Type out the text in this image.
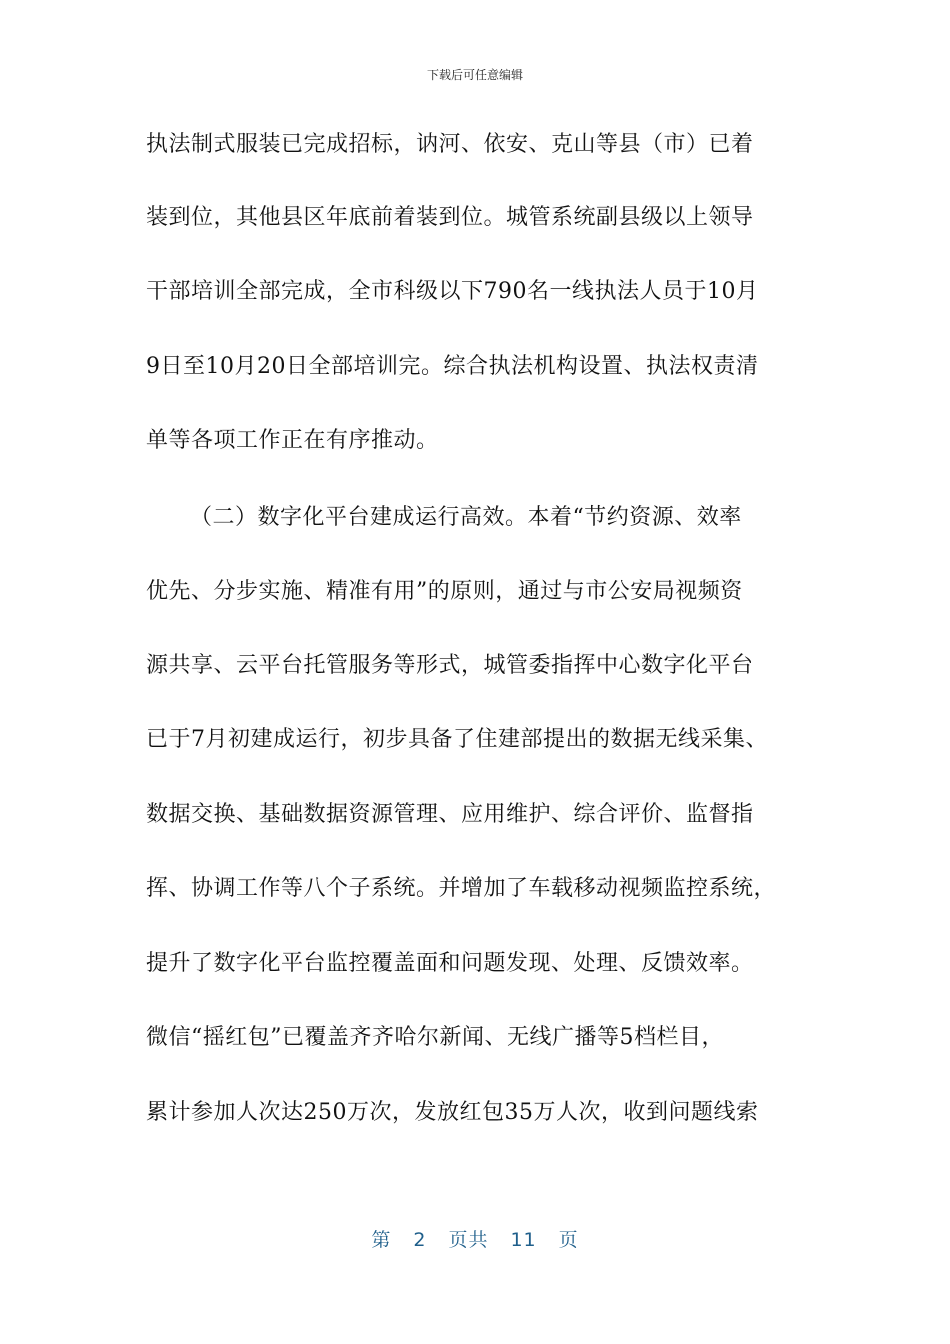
下载后可任意编辑
执法制式服装已完成招标，讷河、依安、克山等县（市）已着
装到位，其他县区年底前着装到位。城管系统副县级以上领导
干部培训全部完成，全市科级以下790名一线执法人员于10月
9日至10月20日全部培训完。综合执法机构设置、执法权责清
单等各项工作正在有序推动。
（二）数字化平台建成运行高效。本着“节约资源、效率
优先、分步实施、精准有用”的原则，通过与市公安局视频资
源共享、云平台托管服务等形式，城管委指挥中心数字化平台
已于7月初建成运行，初步具备了住建部提出的数据无线采集、
数据交换、基础数据资源管理、应用维护、综合评价、监督指
挥、协调工作等八个子系统。并增加了车载移动视频监控系统，
提升了数字化平台监控覆盖面和问题发现、处理、反馈效率。
微信“摇红包”已覆盖齐齐哈尔新闻、无线广播等5档栏目，
累计参加人次达250万次，发放红包35万人次，收到问题线索
第 2 页共 11 页
